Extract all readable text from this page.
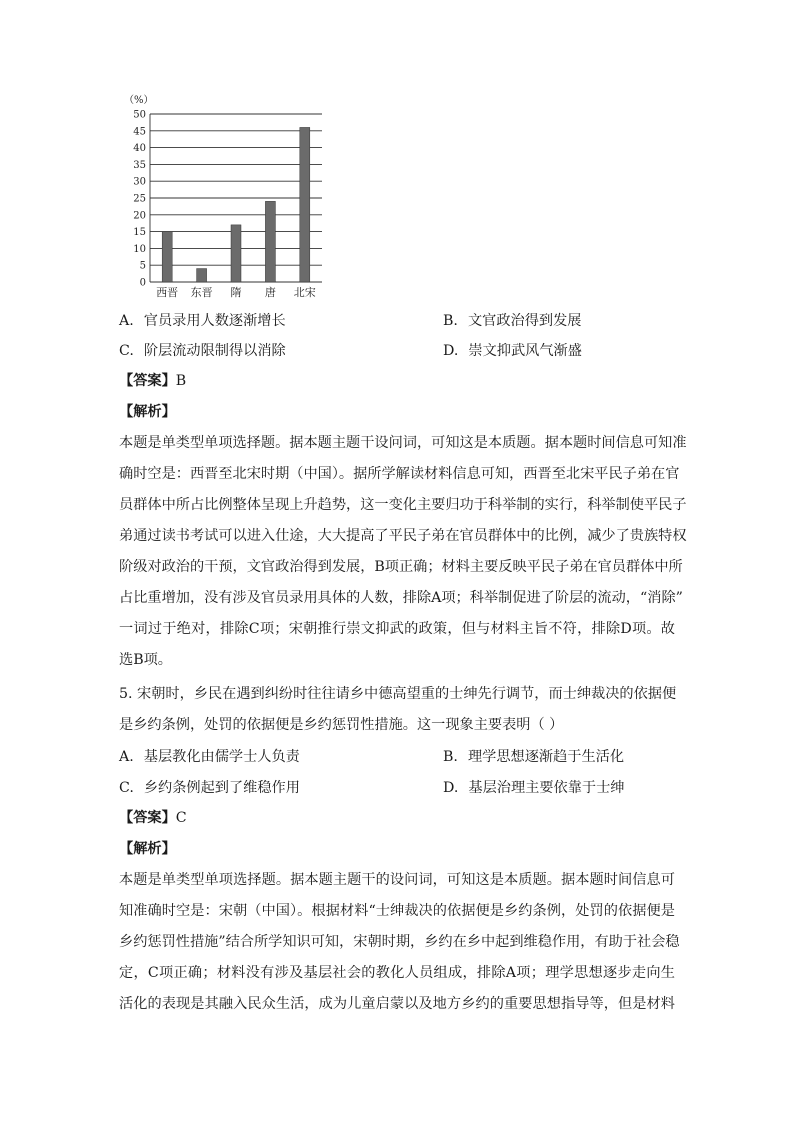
（%）
0
5
10
15
20
25
30
35
40
45
50
西晋 东晋 隋 唐 北宋
A. 官员录用人数逐渐增长	B. 文官政治得到发展
C. 阶层流动限制得以消除	D. 崇文抑武风气渐盛
【答案】B
【解析】
本题是单类型单项选择题。据本题主题干设问词，可知这是本质题。据本题时间信息可知准
确时空是：西晋至北宋时期（中国）。据所学解读材料信息可知，西晋至北宋平民子弟在官
员群体中所占比例整体呈现上升趋势，这一变化主要归功于科举制的实行，科举制使平民子
弟通过读书考试可以进入仕途，大大提高了平民子弟在官员群体中的比例，减少了贵族特权
阶级对政治的干预，文官政治得到发展，B项正确；材料主要反映平民子弟在官员群体中所
占比重增加，没有涉及官员录用具体的人数，排除A项；科举制促进了阶层的流动，“消除”
一词过于绝对，排除C项；宋朝推行崇文抑武的政策，但与材料主旨不符，排除D项。故
选B项。
5. 宋朝时，乡民在遇到纠纷时往往请乡中德高望重的士绅先行调节，而士绅裁决的依据便
是乡约条例，处罚的依据便是乡约惩罚性措施。这一现象主要表明（ ）
A. 基层教化由儒学士人负责	B. 理学思想逐渐趋于生活化
C. 乡约条例起到了维稳作用	D. 基层治理主要依靠于士绅
【答案】C
【解析】
本题是单类型单项选择题。据本题主题干的设问词，可知这是本质题。据本题时间信息可
知准确时空是：宋朝（中国）。根据材料“士绅裁决的依据便是乡约条例，处罚的依据便是
乡约惩罚性措施”结合所学知识可知，宋朝时期，乡约在乡中起到维稳作用，有助于社会稳
定，C项正确；材料没有涉及基层社会的教化人员组成，排除A项；理学思想逐步走向生
活化的表现是其融入民众生活，成为儿童启蒙以及地方乡约的重要思想指导等，但是材料
